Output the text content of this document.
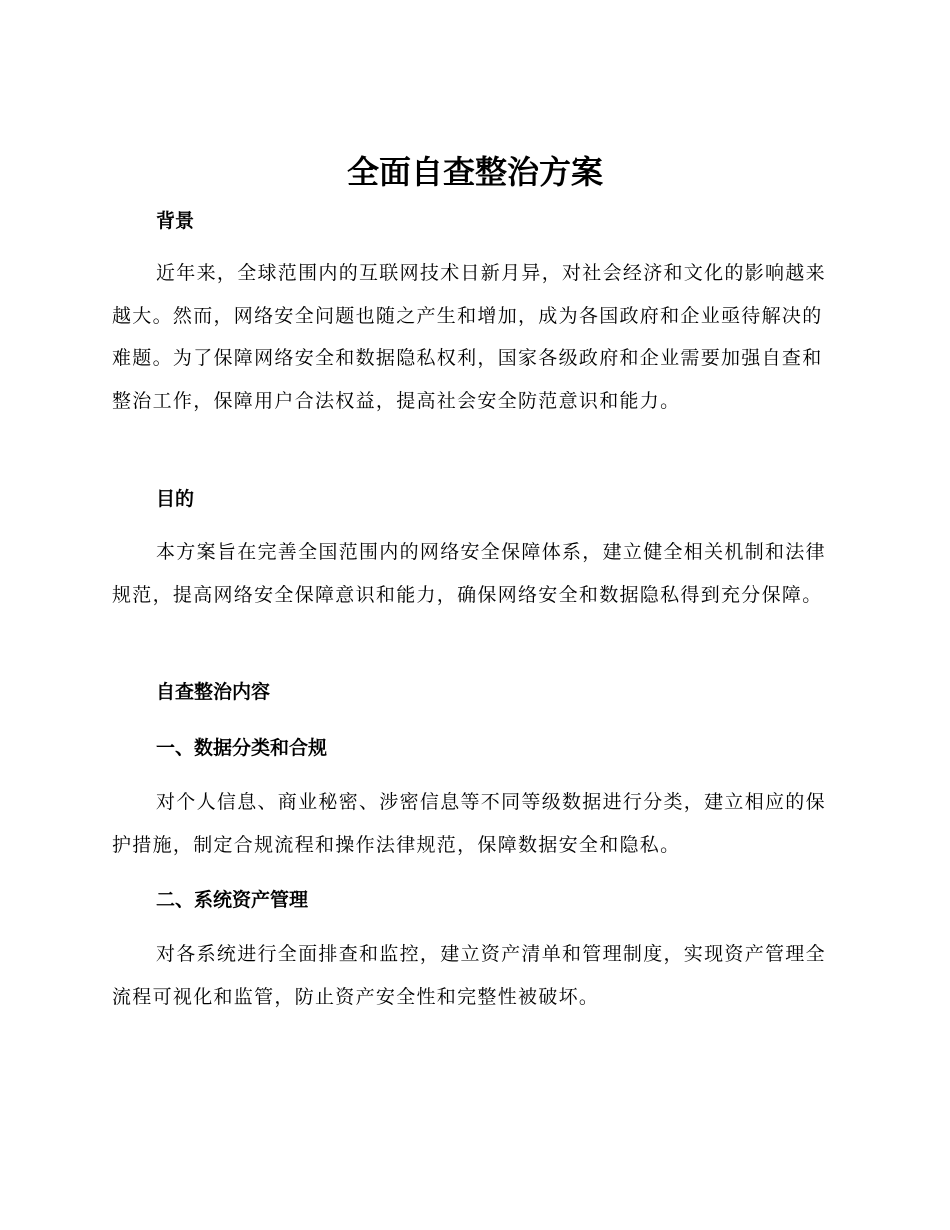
全面自查整治方案
背景

近年来，全球范围内的互联网技术日新月异，对社会经济和文化的影响越来越大。然而，网络安全问题也随之产生和增加，成为各国政府和企业亟待解决的难题。为了保障网络安全和数据隐私权利，国家各级政府和企业需要加强自查和整治工作，保障用户合法权益，提高社会安全防范意识和能力。

目的

本方案旨在完善全国范围内的网络安全保障体系，建立健全相关机制和法律规范，提高网络安全保障意识和能力，确保网络安全和数据隐私得到充分保障。

自查整治内容
一、数据分类和合规

对个人信息、商业秘密、涉密信息等不同等级数据进行分类，建立相应的保护措施，制定合规流程和操作法律规范，保障数据安全和隐私。

二、系统资产管理

对各系统进行全面排查和监控，建立资产清单和管理制度，实现资产管理全流程可视化和监管，防止资产安全性和完整性被破坏。
